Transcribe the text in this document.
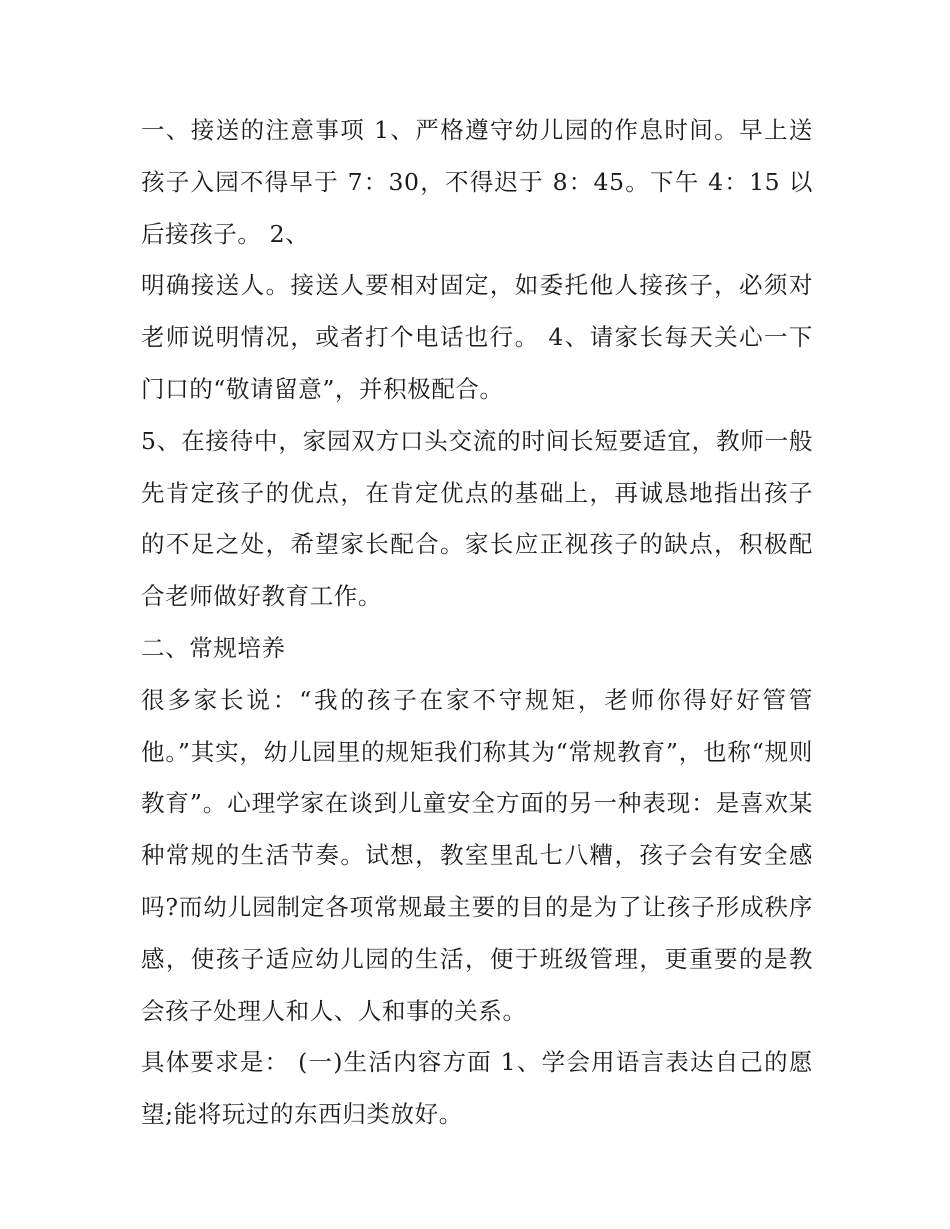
一、接送的注意事项 1、严格遵守幼儿园的作息时间。早上送孩子入园不得早于 7：30，不得迟于 8：45。下午 4：15 以后接孩子。 2、

明确接送人。接送人要相对固定，如委托他人接孩子，必须对老师说明情况，或者打个电话也行。 4、请家长每天关心一下门口的“敬请留意”，并积极配合。

5、在接待中，家园双方口头交流的时间长短要适宜，教师一般先肯定孩子的优点，在肯定优点的基础上，再诚恳地指出孩子的不足之处，希望家长配合。家长应正视孩子的缺点，积极配合老师做好教育工作。

二、常规培养

很多家长说：“我的孩子在家不守规矩，老师你得好好管管他。”其实，幼儿园里的规矩我们称其为“常规教育”，也称“规则教育”。心理学家在谈到儿童安全方面的另一种表现：是喜欢某种常规的生活节奏。试想，教室里乱七八糟，孩子会有安全感吗?而幼儿园制定各项常规最主要的目的是为了让孩子形成秩序感，使孩子适应幼儿园的生活，便于班级管理，更重要的是教会孩子处理人和人、人和事的关系。

具体要求是： (一)生活内容方面 1、学会用语言表达自己的愿望;能将玩过的东西归类放好。
